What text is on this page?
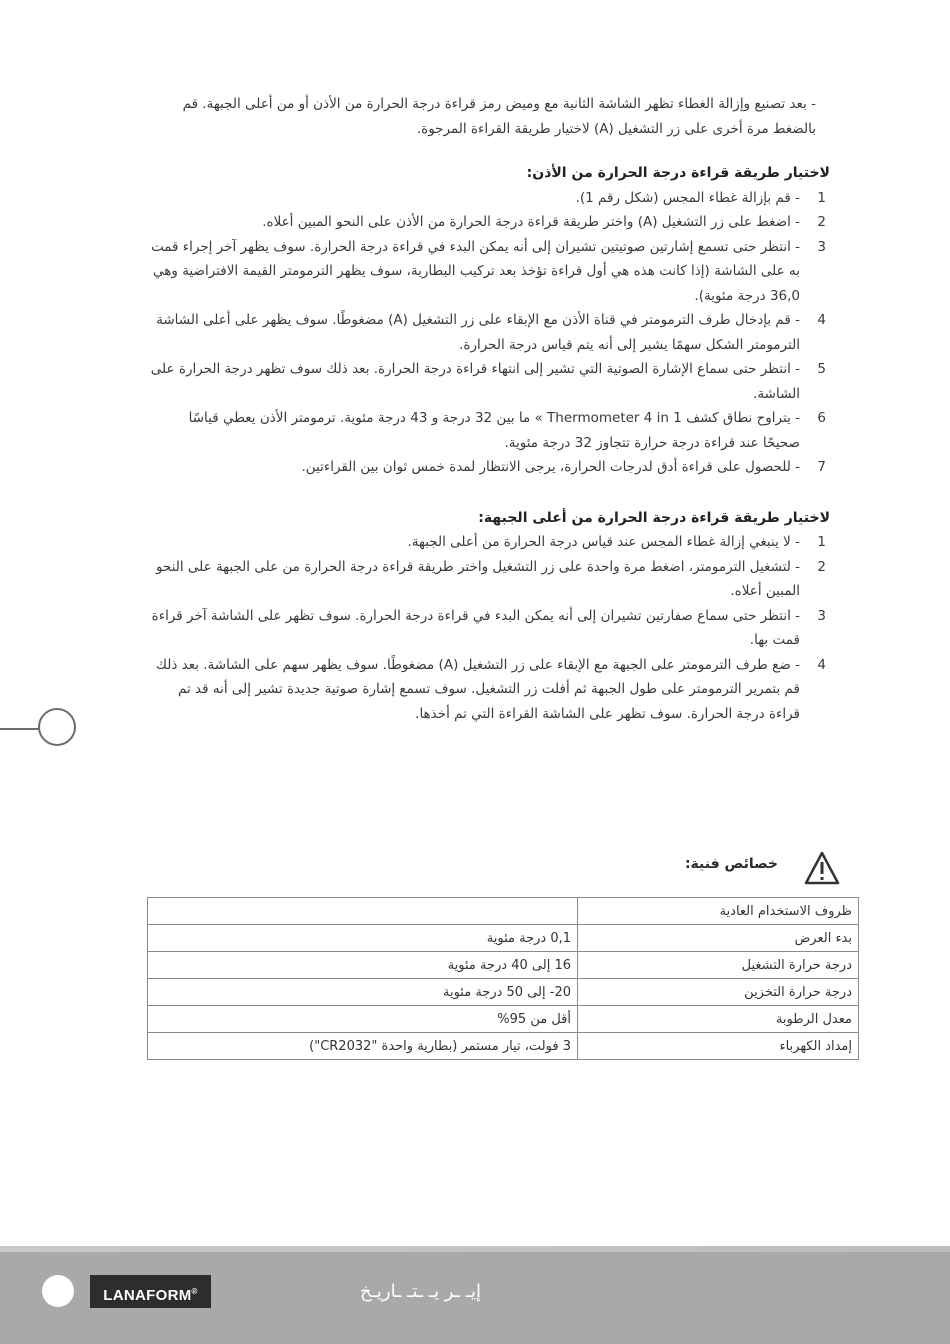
- بعد تصنيع وإزالة الغطاء تظهر الشاشة الثانية مع وميض رمز قراءة درجة الحرارة من الأذن أو من أعلى الجبهة. قم بالضغط مرة أخرى على زر التشغيل (A) لاختيار طريقة القراءة المرجوة.

لاختيار طريقة قراءة درجة الحرارة من الأذن:

1
- قم بإزالة غطاء المجس (شكل رقم 1).
2
- اضغط على زر التشغيل (A) واختر طريقة قراءة درجة الحرارة من الأذن على النحو المبين أعلاه.
3
- انتظر حتى تسمع إشارتين صوتيتين تشيران إلى أنه يمكن البدء في قراءة درجة الحرارة. سوف يظهر آخر إجراء قمت به على الشاشة (إذا كانت هذه هي أول قراءة تؤخذ بعد تركيب البطارية، سوف يظهر الترمومتر القيمة الافتراضية وهي 36,0 درجة مئوية).
4
- قم بإدخال طرف الترمومتر في قناة الأذن مع الإبقاء على زر التشغيل (A) مضغوطًا. سوف يظهر على أعلى الشاشة الترمومتر الشكل سهمًا يشير إلى أنه يتم قياس درجة الحرارة.
5
- انتظر حتى سماع الإشارة الصوتية التي تشير إلى انتهاء قراءة درجة الحرارة. بعد ذلك سوف تظهر درجة الحرارة على الشاشة.
6
- يتراوح نطاق كشف Thermometer 4 in 1 » ما بين 32 درجة و 43 درجة مئوية. ترمومتر الأذن يعطي قياسًا صحيحًا عند قراءة درجة حرارة تتجاوز 32 درجة مئوية.
7
- للحصول على قراءة أدق لدرجات الحرارة، يرجى الانتظار لمدة خمس ثوان بين القراءتين.

لاختيار طريقة قراءة درجة الحرارة من أعلى الجبهة:

1
- لا ينبغي إزالة غطاء المجس عند قياس درجة الحرارة من أعلى الجبهة.
2
- لتشغيل الترمومتر، اضغط مرة واحدة على زر التشغيل واختر طريقة قراءة درجة الحرارة من على الجبهة على النحو المبين أعلاه.
3
- انتظر حتى سماع صفارتين تشيران إلى أنه يمكن البدء في قراءة درجة الحرارة. سوف تظهر على الشاشة آخر قراءة قمت بها.
4
- ضع طرف الترمومتر على الجبهة مع الإبقاء على زر التشغيل (A) مضغوطًا. سوف يظهر سهم على الشاشة. بعد ذلك قم بتمرير الترمومتر على طول الجبهة ثم أفلت زر التشغيل. سوف تسمع إشارة صوتية جديدة تشير إلى أنه قد تم قراءة درجة الحرارة. سوف تظهر على الشاشة القراءة التي تم أخذها.
خصائص فنية:
ظروف الاستخدام العادية	
بدء العرض	0,1 درجة مئوية
درجة حرارة التشغيل	16 إلى 40 درجة مئوية
درجة حرارة التخزين	20- إلى 50 درجة مئوية
معدل الرطوبة	أقل من 95%
إمداد الكهرباء	3 فولت، تيار مستمر (بطارية واحدة "CR2032")
LANAFORM®	إيـ ـر يـ ـتـ ـاريـخ
